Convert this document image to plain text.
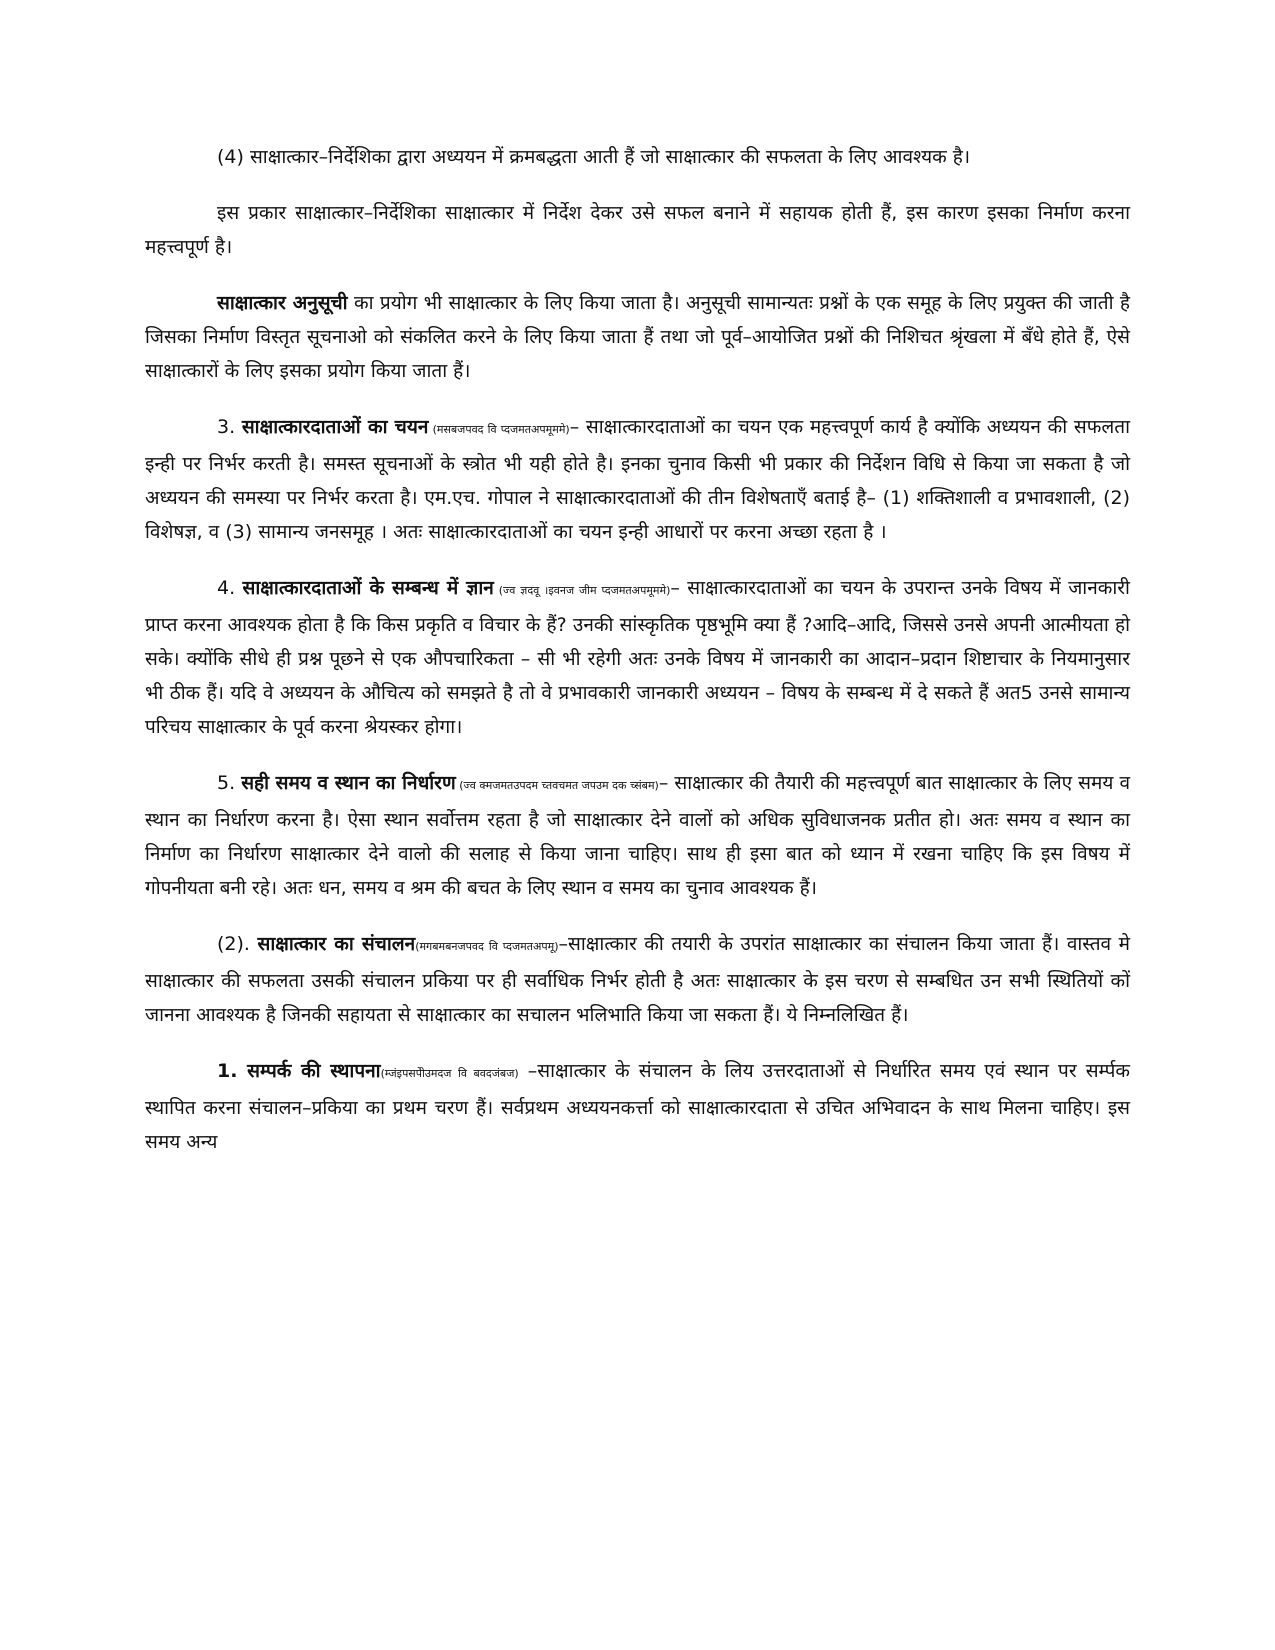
(4) साक्षात्कार–निर्देशिका द्वारा अध्ययन में क्रमबद्धता आती हैं जो साक्षात्कार की सफलता के लिए आवश्यक है।

इस प्रकार साक्षात्कार–निर्देशिका साक्षात्कार में निर्देश देकर उसे सफल बनाने में सहायक होती हैं, इस कारण इसका निर्माण करना महत्त्वपूर्ण है।

साक्षात्कार अनुसूची का प्रयोग भी साक्षात्कार के लिए किया जाता है। अनुसूची सामान्यतः प्रश्नों के एक समूह के लिए प्रयुक्त की जाती है जिसका निर्माण विस्तृत सूचनाओ को संकलित करने के लिए किया जाता हैं तथा जो पूर्व–आयोजित प्रश्नों की निशिचत श्रृंखला में बँधे होते हैं, ऐसे साक्षात्कारों के लिए इसका प्रयोग किया जाता हैं।

3. साक्षात्कारदाताओं का चयन (मसबजपवद वि प्दजमतअपमूममे)– साक्षात्कारदाताओं का चयन एक महत्त्वपूर्ण कार्य है क्योंकि अध्ययन की सफलता इन्ही पर निर्भर करती है। समस्त सूचनाओं के स्त्रोत भी यही होते है। इनका चुनाव किसी भी प्रकार की निर्देशन विधि से किया जा सकता है जो अध्ययन की समस्या पर निर्भर करता है। एम.एच. गोपाल ने साक्षात्कारदाताओं की तीन विशेषताएँ बताई है– (1) शक्तिशाली व प्रभावशाली, (2) विशेषज्ञ, व (3) सामान्य जनसमूह । अतः साक्षात्कारदाताओं का चयन इन्ही आधारों पर करना अच्छा रहता है ।

4. साक्षात्कारदाताओं के सम्बन्ध में ज्ञान (ज्व ज्ञदवू ।इवनज जीम प्दजमतअपमूममे)– साक्षात्कारदाताओं का चयन के उपरान्त उनके विषय में जानकारी प्राप्त करना आवश्यक होता है कि किस प्रकृति व विचार के हैं? उनकी सांस्कृतिक पृष्ठभूमि क्या हैं ?आदि–आदि, जिससे उनसे अपनी आत्मीयता हो सके। क्योंकि सीधे ही प्रश्न पूछने से एक औपचारिकता – सी भी रहेगी अतः उनके विषय में जानकारी का आदान–प्रदान शिष्टाचार के नियमानुसार भी ठीक हैं। यदि वे अध्ययन के औचित्य को समझते है तो वे प्रभावकारी जानकारी अध्ययन – विषय के सम्बन्ध में दे सकते हैं अत5 उनसे सामान्य परिचय साक्षात्कार के पूर्व करना श्रेयस्कर होगा।

5. सही समय व स्थान का निर्धारण (ज्व क्मजमतउपदम च्तवचमत जपउम दक च्संबम)– साक्षात्कार की तैयारी की महत्त्वपूर्ण बात साक्षात्कार के लिए समय व स्थान का निर्धारण करना है। ऐसा स्थान सर्वोत्तम रहता है जो साक्षात्कार देने वालों को अधिक सुविधाजनक प्रतीत हो। अतः समय व स्थान का निर्माण का निर्धारण साक्षात्कार देने वालो की सलाह से किया जाना चाहिए। साथ ही इसा बात को ध्यान में रखना चाहिए कि इस विषय में गोपनीयता बनी रहे। अतः धन, समय व श्रम की बचत के लिए स्थान व समय का चुनाव आवश्यक हैं।

(2). साक्षात्कार का संचालन(मगबमबनजपवद वि प्दजमतअपमू)–साक्षात्कार की तयारी के उपरांत साक्षात्कार का संचालन किया जाता हैं। वास्तव मे साक्षात्कार की सफलता उसकी संचालन प्रकिया पर ही सर्वाधिक निर्भर होती है अतः साक्षात्कार के इस चरण से सम्बधित उन सभी स्थितियों कों जानना आवश्यक है जिनकी सहायता से साक्षात्कार का सचालन भलिभाति किया जा सकता हैं। ये निम्नलिखित हैं।

1. सम्पर्क की स्थापना(म्जंइपसपेीउमदज वि बवदजंबज) –साक्षात्कार के संचालन के लिय उत्तरदाताओं से निर्धारित समय एवं स्थान पर सर्म्पक स्थापित करना संचालन–प्रकिया का प्रथम चरण हैं। सर्वप्रथम अध्ययनकर्त्ता को साक्षात्कारदाता से उचित अभिवादन के साथ मिलना चाहिए। इस समय अन्य
